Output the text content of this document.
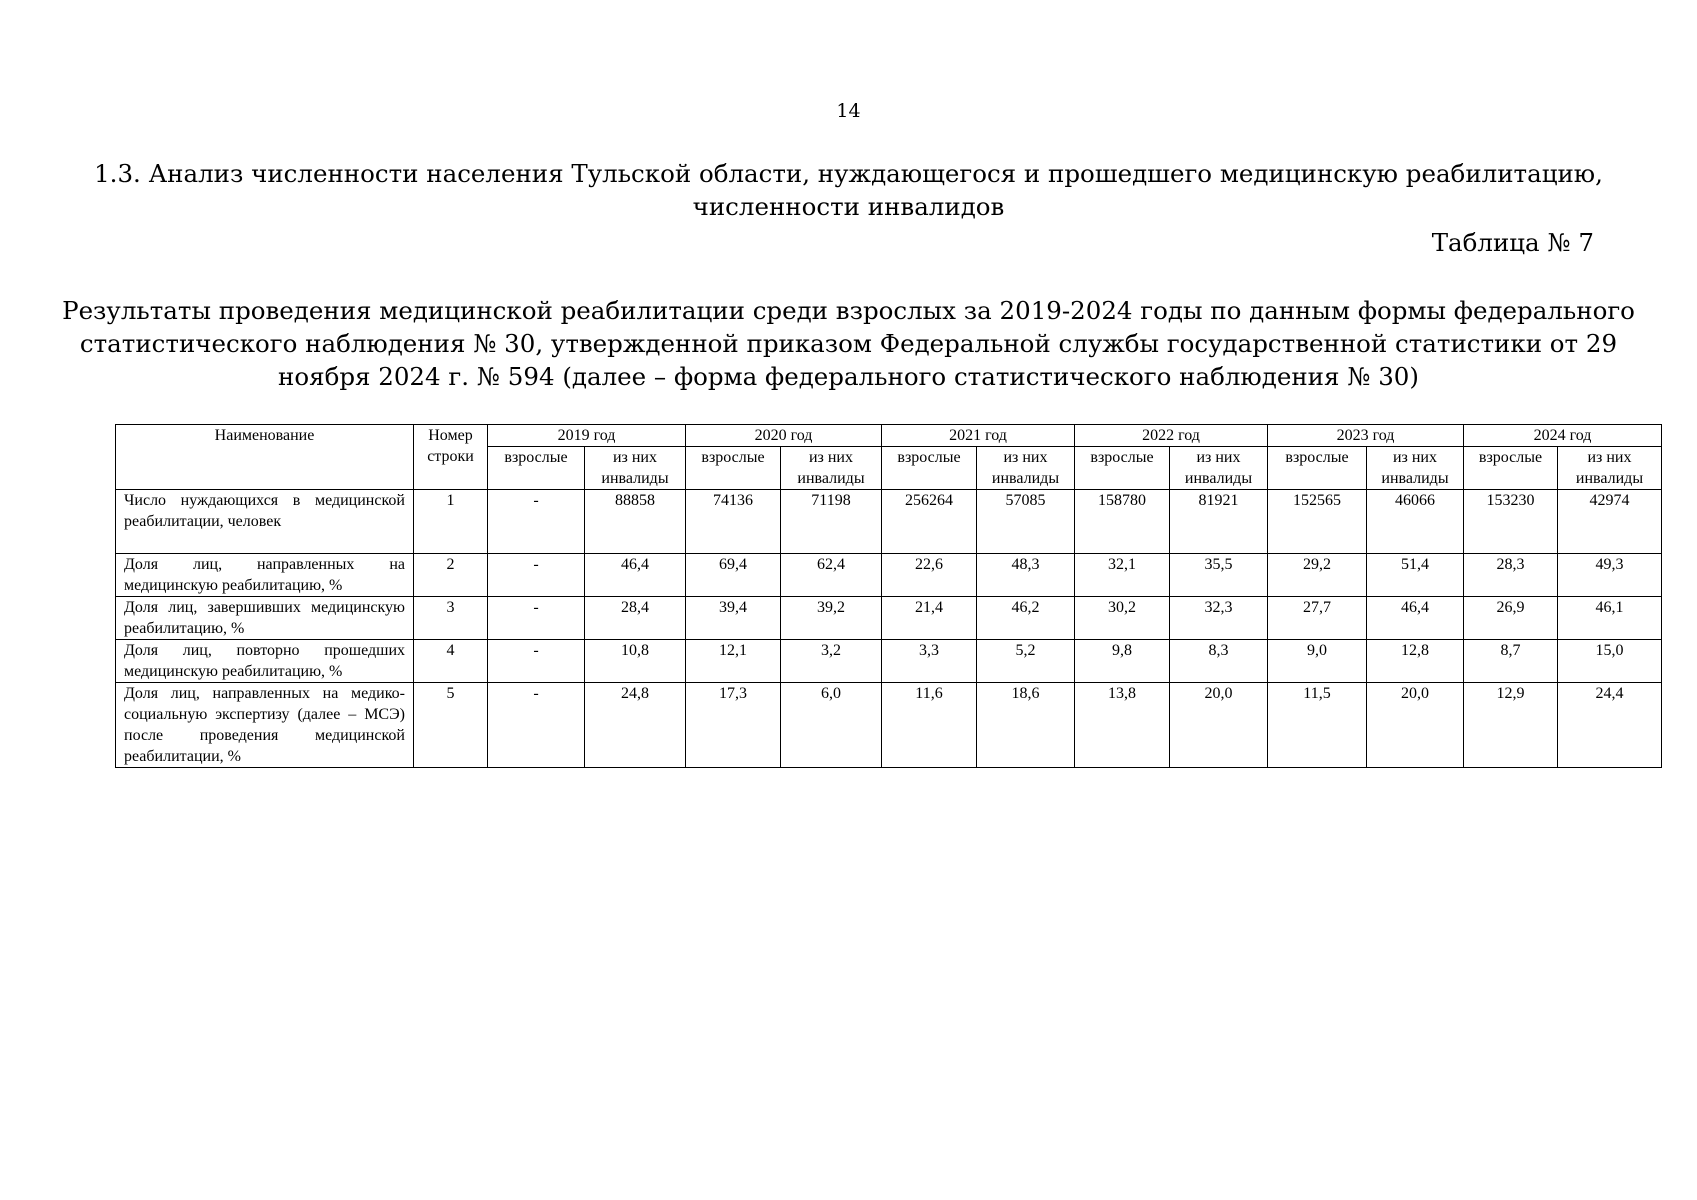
14
1.3. Анализ численности населения Тульской области, нуждающегося и прошедшего медицинскую реабилитацию, численности инвалидов
Таблица № 7
Результаты проведения медицинской реабилитации среди взрослых за 2019-2024 годы по данным формы федерального статистического наблюдения № 30, утвержденной приказом Федеральной службы государственной статистики от 29 ноября 2024 г. № 594 (далее – форма федерального статистического наблюдения № 30)
Наименование	Номер строки	2019 год		2020 год		2021 год		2022 год		2023 год		2024 год	
		взрослые	из них инвалиды	взрослые	из них инвалиды	взрослые	из них инвалиды	взрослые	из них инвалиды	взрослые	из них инвалиды	взрослые	из них инвалиды
Число нуждающихся в медицинской реабилитации, человек	1	-	88858	74136	71198	256264	57085	158780	81921	152565	46066	153230	42974
Доля лиц, направленных на медицинскую реабилитацию, %	2	-	46,4	69,4	62,4	22,6	48,3	32,1	35,5	29,2	51,4	28,3	49,3
Доля лиц, завершивших медицинскую реабилитацию, %	3	-	28,4	39,4	39,2	21,4	46,2	30,2	32,3	27,7	46,4	26,9	46,1
Доля лиц, повторно прошедших медицинскую реабилитацию, %	4	-	10,8	12,1	3,2	3,3	5,2	9,8	8,3	9,0	12,8	8,7	15,0
Доля лиц, направленных на медико-социальную экспертизу (далее – МСЭ) после проведения медицинской реабилитации, %	5	-	24,8	17,3	6,0	11,6	18,6	13,8	20,0	11,5	20,0	12,9	24,4
